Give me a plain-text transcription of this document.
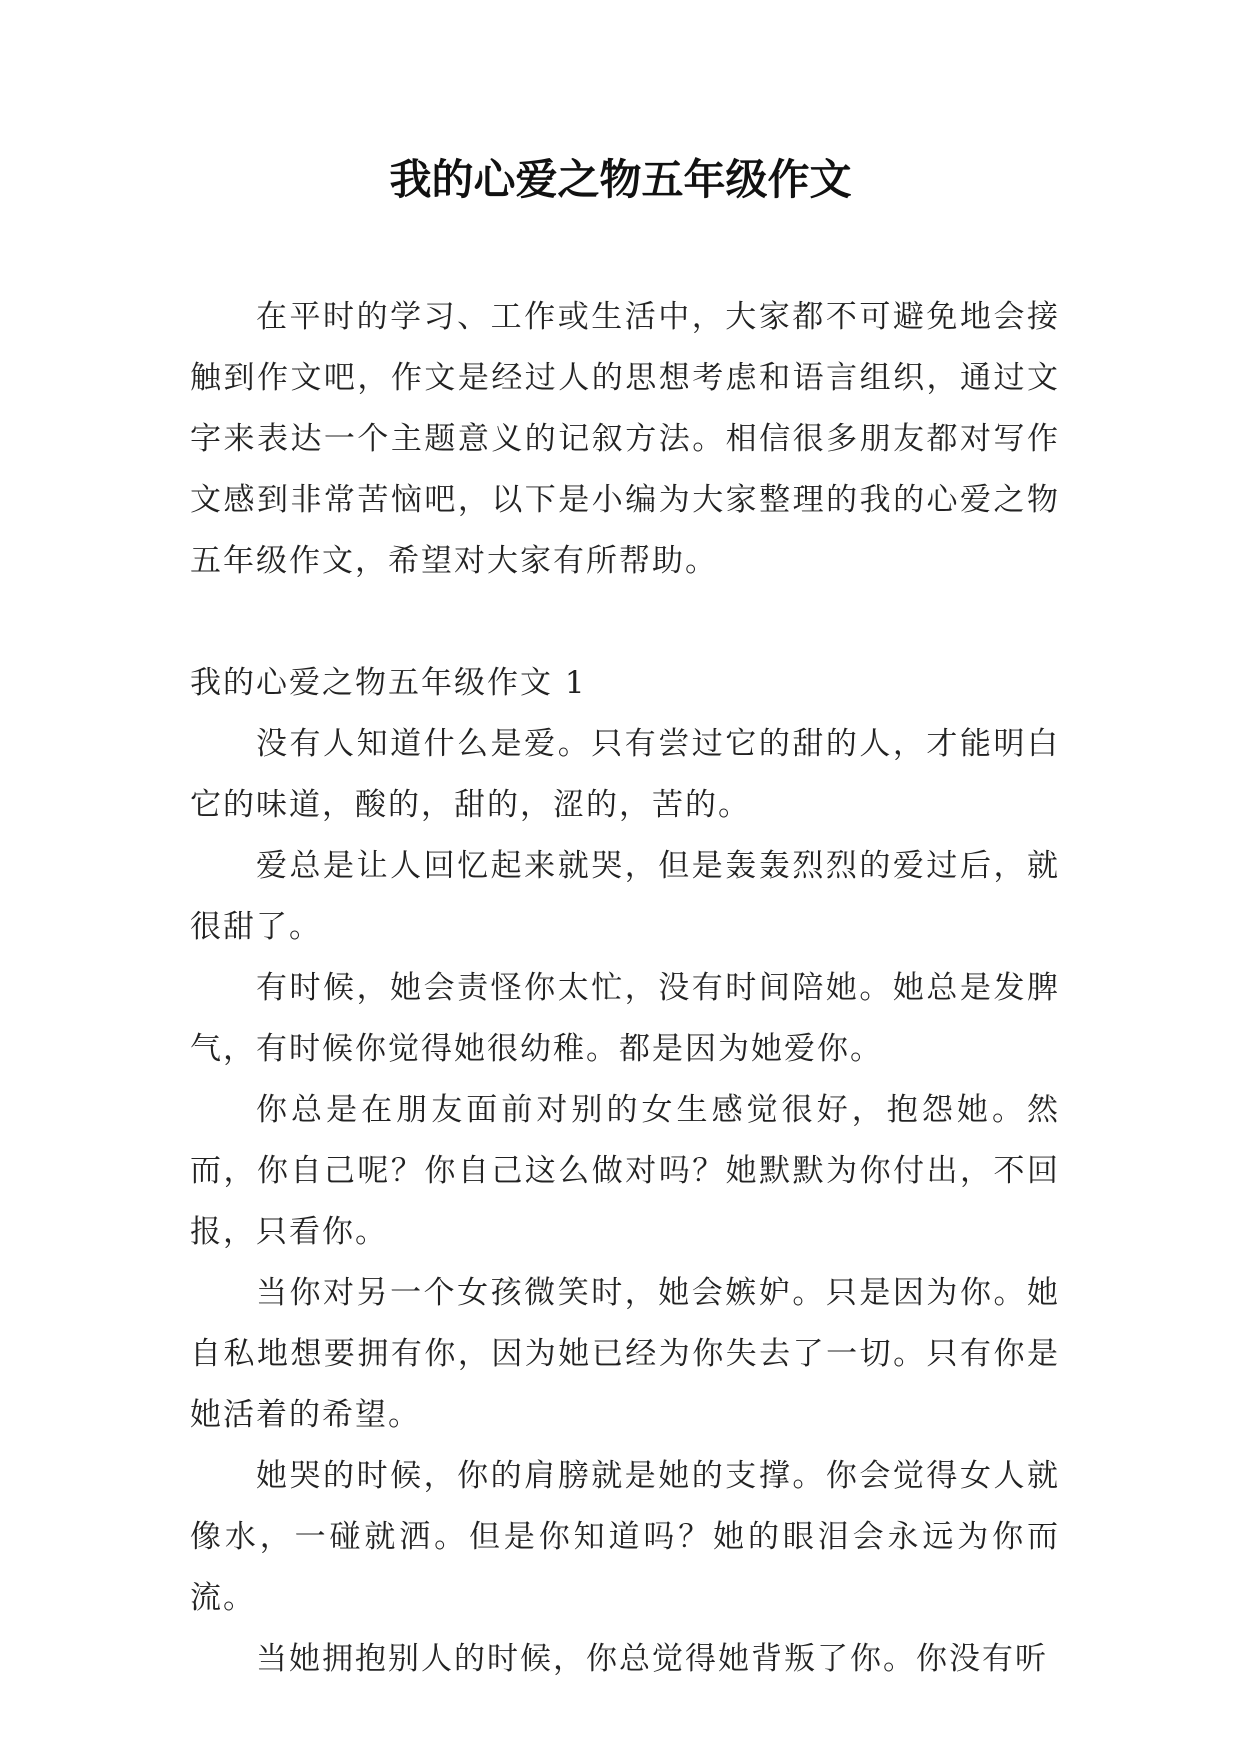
我的心爱之物五年级作文

在平时的学习、工作或生活中，大家都不可避免地会接触到作文吧，作文是经过人的思想考虑和语言组织，通过文字来表达一个主题意义的记叙方法。相信很多朋友都对写作文感到非常苦恼吧，以下是小编为大家整理的我的心爱之物五年级作文，希望对大家有所帮助。

我的心爱之物五年级作文 1

没有人知道什么是爱。只有尝过它的甜的人，才能明白它的味道，酸的，甜的，涩的，苦的。

爱总是让人回忆起来就哭，但是轰轰烈烈的爱过后，就很甜了。

有时候，她会责怪你太忙，没有时间陪她。她总是发脾气，有时候你觉得她很幼稚。都是因为她爱你。

你总是在朋友面前对别的女生感觉很好，抱怨她。然而，你自己呢？你自己这么做对吗？她默默为你付出，不回报，只看你。

当你对另一个女孩微笑时，她会嫉妒。只是因为你。她自私地想要拥有你，因为她已经为你失去了一切。只有你是她活着的希望。

她哭的时候，你的肩膀就是她的支撑。你会觉得女人就像水，一碰就洒。但是你知道吗？她的眼泪会永远为你而流。

当她拥抱别人的时候，你总觉得她背叛了你。你没有听
